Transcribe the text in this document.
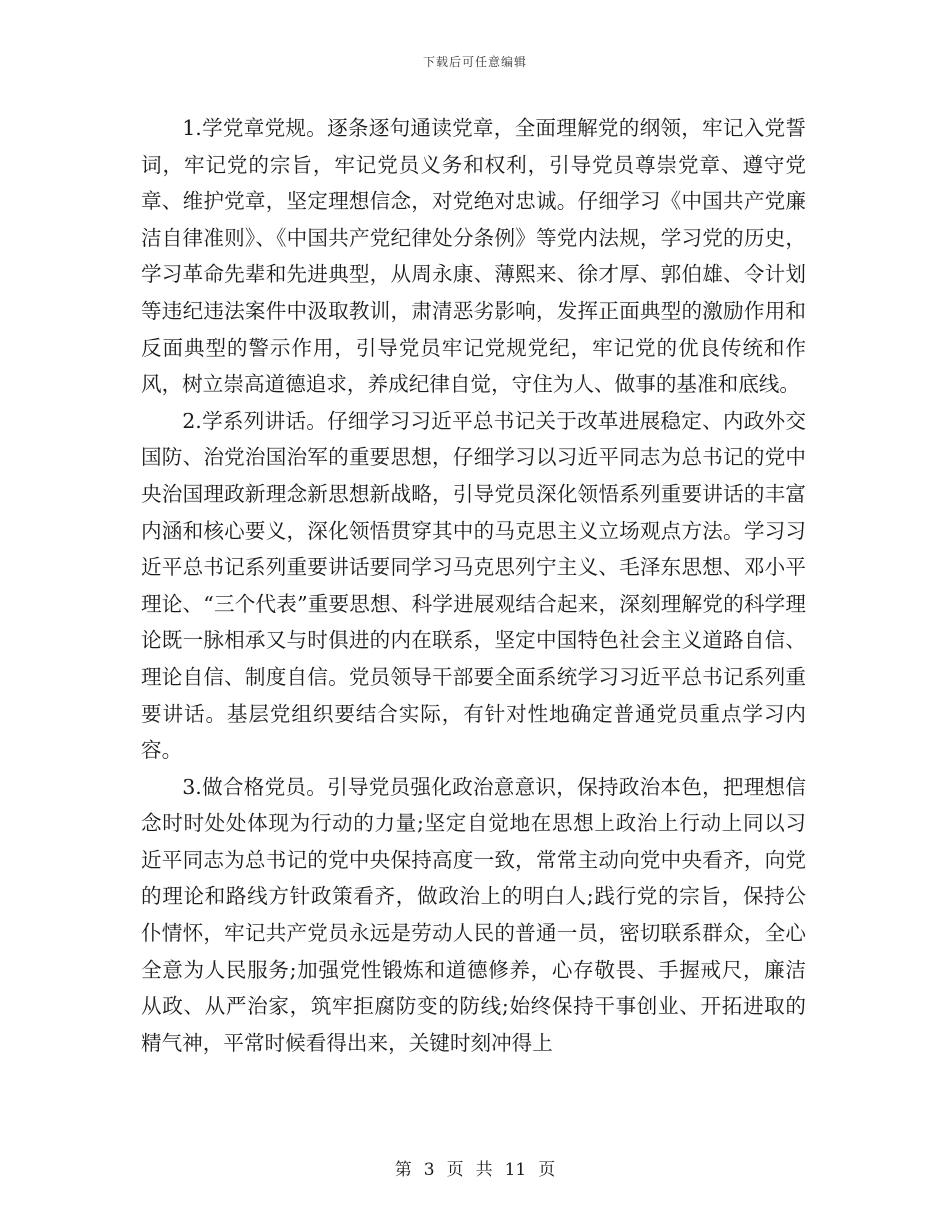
下载后可任意编辑

1.学党章党规。逐条逐句通读党章，全面理解党的纲领，牢记入党誓词，牢记党的宗旨，牢记党员义务和权利，引导党员尊崇党章、遵守党章、维护党章，坚定理想信念，对党绝对忠诚。仔细学习《中国共产党廉洁自律准则》、《中国共产党纪律处分条例》等党内法规，学习党的历史，学习革命先辈和先进典型，从周永康、薄熙来、徐才厚、郭伯雄、令计划等违纪违法案件中汲取教训，肃清恶劣影响，发挥正面典型的激励作用和反面典型的警示作用，引导党员牢记党规党纪，牢记党的优良传统和作风，树立崇高道德追求，养成纪律自觉，守住为人、做事的基准和底线。

2.学系列讲话。仔细学习习近平总书记关于改革进展稳定、内政外交国防、治党治国治军的重要思想，仔细学习以习近平同志为总书记的党中央治国理政新理念新思想新战略，引导党员深化领悟系列重要讲话的丰富内涵和核心要义，深化领悟贯穿其中的马克思主义立场观点方法。学习习近平总书记系列重要讲话要同学习马克思列宁主义、毛泽东思想、邓小平理论、“三个代表”重要思想、科学进展观结合起来，深刻理解党的科学理论既一脉相承又与时俱进的内在联系，坚定中国特色社会主义道路自信、理论自信、制度自信。党员领导干部要全面系统学习习近平总书记系列重要讲话。基层党组织要结合实际，有针对性地确定普通党员重点学习内容。

3.做合格党员。引导党员强化政治意意识，保持政治本色，把理想信念时时处处体现为行动的力量;坚定自觉地在思想上政治上行动上同以习近平同志为总书记的党中央保持高度一致，常常主动向党中央看齐，向党的理论和路线方针政策看齐，做政治上的明白人;践行党的宗旨，保持公仆情怀，牢记共产党员永远是劳动人民的普通一员，密切联系群众，全心全意为人民服务;加强党性锻炼和道德修养，心存敬畏、手握戒尺，廉洁从政、从严治家，筑牢拒腐防变的防线;始终保持干事创业、开拓进取的精气神，平常时候看得出来，关键时刻冲得上

第 3 页 共 11 页
